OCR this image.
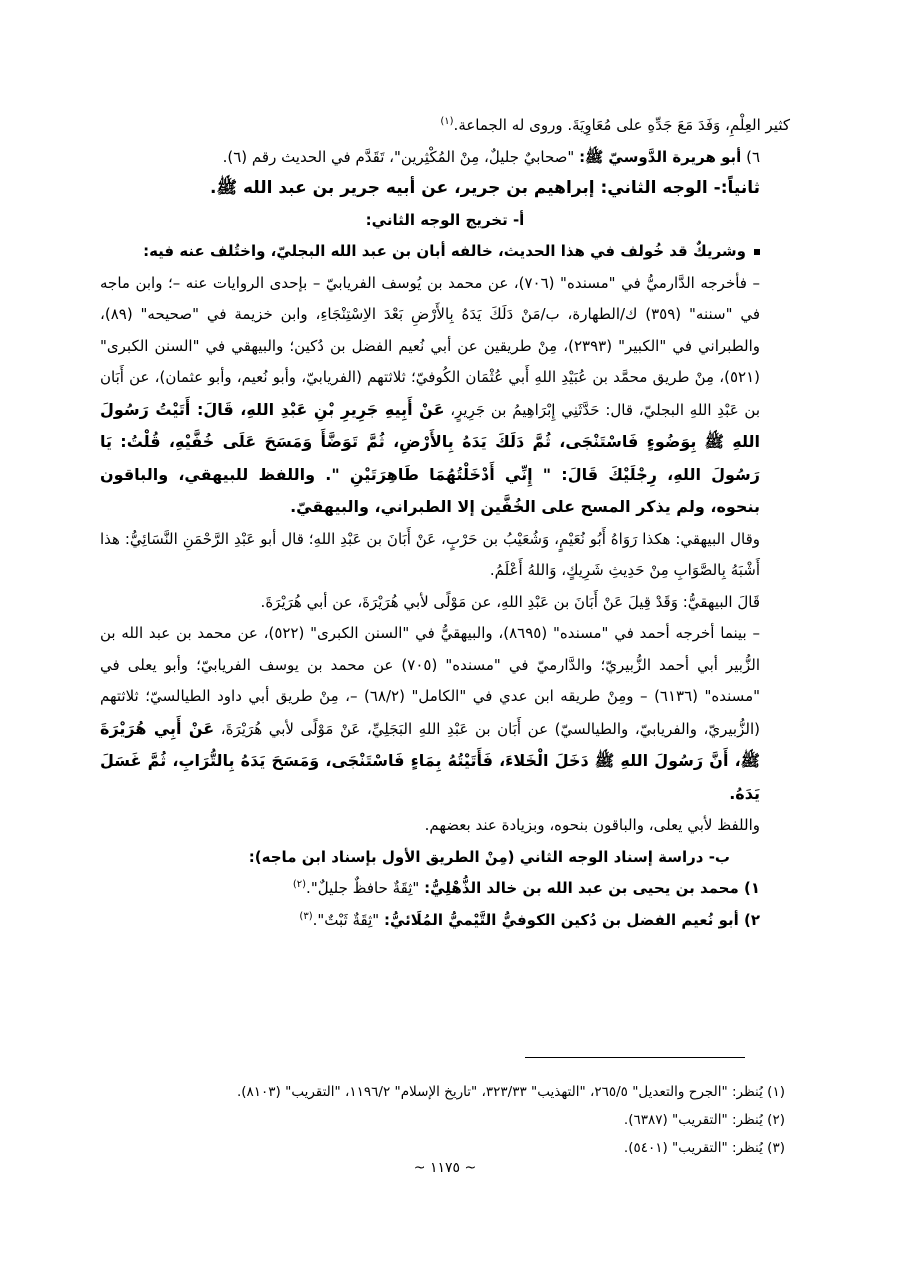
كثير العِلْمِ، وَفَدَ مَعَ جَدِّهِ على مُعَاوِيَةَ. وروى له الجماعة.$^{(١)}$

٦) أبو هريرة الدَّوسيّ ﷺ: "صحابيٌ جليلٌ، مِنْ المُكْثِرين"، تَقَدَّم في الحديث رقم (٦).

ثانياً:- الوجه الثاني: إبراهيم بن جرير، عن أبيه جرير بن عبد الله ﷺ.

أ- تخريج الوجه الثاني:

وشريكٌ قد خُولف في هذا الحديث، خالفه أبان بن عبد الله البجليّ، واختُلف عنه فيه:

– فأخرجه الدَّارميُّ في "مسنده" (٧٠٦)، عن محمد بن يُوسف الفريابيّ – بإحدى الروايات عنه –؛ وابن ماجه في "سننه" (٣٥٩) ك/الطهارة، ب/مَنْ دَلَكَ يَدَهُ بِالأَرْضِ بَعْدَ الاِسْتِنْجَاءِ، وابن خزيمة في "صحيحه" (٨٩)، والطبراني في "الكبير" (٢٣٩٣)، مِنْ طريقين عن أبي نُعيم الفضل بن دُكين؛ والبيهقي في "السنن الكبرى" (٥٢١)، مِنْ طريق محمَّد بن عُبَيْدِ اللهِ أَبي عُثْمَان الكُوفيّ؛ ثلاثتهم (الفريابيّ، وأبو نُعيم، وأبو عثمان)، عن أَبَان بن عَبْدِ اللهِ البجليّ، قال: حَدَّثَنِي إِبْرَاهِيمُ بن جَرِيرٍ، عَنْ أَبِيهِ جَرِيرِ بْنِ عَبْدِ اللهِ، قَالَ: أَتَيْتُ رَسُولَ اللهِ ﷺ بِوَضُوءٍ فَاسْتَنْجَى، ثُمَّ دَلَكَ يَدَهُ بِالأَرْضِ، ثُمَّ تَوَضَّأَ وَمَسَحَ عَلَى خُفَّيْهِ، قُلْتُ: يَا رَسُولَ اللهِ، رِجْلَيْكَ قَالَ: " إِنِّي أَدْخَلْتُهُمَا طَاهِرَتَيْنِ ". واللفظ للبيهقي، والباقون بنحوه، ولم يذكر المسح على الخُفَّين إلا الطبراني، والبيهقيّ.

وقال البيهقي: هكذا رَوَاهُ أَبُو نُعَيْمٍ، وَشُعَيْبُ بن حَرْبٍ، عَنْ أَبَانَ بن عَبْدِ اللهِ؛ قال أبو عَبْدِ الرَّحْمَنِ النَّسَائِيُّ: هذا أَشْبَهُ بِالصَّوَابِ مِنْ حَدِيثِ شَرِيكٍ، وَاللهُ أَعْلَمُ.

قَالَ البيهقيُّ: وَقَدْ قِيلَ عَنْ أَبَانَ بن عَبْدِ اللهِ، عن مَوْلًى لأبي هُرَيْرَةَ، عن أبي هُرَيْرَةَ.

– بينما أخرجه أحمد في "مسنده" (٨٦٩٥)، والبيهقيُّ في "السنن الكبرى" (٥٢٢)، عن محمد بن عبد الله بن الزُّبير أبي أحمد الزُّبيريّ؛ والدَّارميّ في "مسنده" (٧٠٥) عن محمد بن يوسف الفريابيّ؛ وأبو يعلى في "مسنده" (٦١٣٦) – ومِنْ طريقه ابن عدي في "الكامل" (٦٨/٢) –، مِنْ طريق أبي داود الطيالسيّ؛ ثلاثتهم (الزُّبيريّ، والفريابيّ، والطيالسيّ) عن أَبَان بن عَبْدِ اللهِ البَجَلِيِّ، عَنْ مَوْلًى لأبي هُرَيْرَةَ، عَنْ أَبِي هُرَيْرَةَ ﷺ، أَنَّ رَسُولَ اللهِ ﷺ دَخَلَ الْخَلاءَ، فَأَتَيْتُهُ بِمَاءٍ فَاسْتَنْجَى، وَمَسَحَ يَدَهُ بِالتُّرَابِ، ثُمَّ غَسَلَ يَدَهُ.

واللفظ لأبي يعلى، والباقون بنحوه، وبزيادة عند بعضهم.

ب- دراسة إسناد الوجه الثاني (مِنْ الطريق الأول بإسناد ابن ماجه):

١) محمد بن يحيى بن عبد الله بن خالد الذُّهْلِيُّ: "ثِقَةٌ حافظٌ جليلٌ".$^{(٢)}$

٢) أبو نُعيم الفضل بن دُكين الكوفيُّ التَّيْميُّ المُلَائيُّ: "ثِقَةٌ ثَبْتٌ".$^{(٣)}$

(١) يُنظر: "الجرح والتعديل" ٢٦٥/٥، "التهذيب" ٣٢٣/٣٣، "تاريخ الإسلام" ١١٩٦/٢، "التقريب" (٨١٠٣).

(٢) يُنظر: "التقريب" (٦٣٨٧).

(٣) يُنظر: "التقريب" (٥٤٠١).

~ ١١٧٥ ~
